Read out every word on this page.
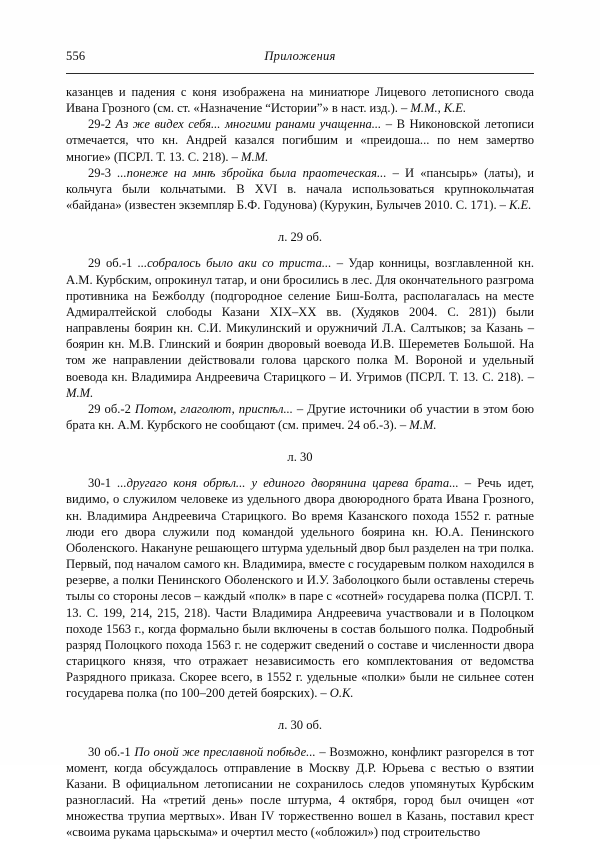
556	Приложения

казанцев и падения с коня изображена на миниатюре Лицевого летописного свода Ивана Грозного (см. ст. «Назначение “Истории”» в наст. изд.). – М.М., К.Е.

29-2 Аз же видех себя... многими ранами учащенна... – В Никоновской летописи отмечается, что кн. Андрей казался погибшим и «преидоша... по нем замертво многие» (ПСРЛ. Т. 13. С. 218). – М.М.

29-3 ...понеже на мнѣ збройка была праотеческая... – И «пансырь» (латы), и кольчуга были кольчатыми. В XVI в. начала использоваться крупнокольчатая «байдана» (известен экземпляр Б.Ф. Годунова) (Курукин, Булычев 2010. С. 171). – К.Е.

л. 29 об.

29 об.-1 ...собралось было аки со триста... – Удар конницы, возглавленной кн. А.М. Курбским, опрокинул татар, и они бросились в лес. Для окончательного разгрома противника на Бежболду (подгородное селение Биш-Болта, располагалась на месте Адмиралтейской слободы Казани XIX–XX вв. (Худяков 2004. С. 281)) были направлены боярин кн. С.И. Микулинский и оружничий Л.А. Салтыков; за Казань – боярин кн. М.В. Глинский и боярин дворовый воевода И.В. Шереметев Большой. На том же направлении действовали голова царского полка М. Вороной и удельный воевода кн. Владимира Андреевича Старицкого – И. Угримов (ПСРЛ. Т. 13. С. 218). – М.М.

29 об.-2 Потом, глаголют, приспѣл... – Другие источники об участии в этом бою брата кн. А.М. Курбского не сообщают (см. примеч. 24 об.-3). – М.М.

л. 30

30-1 ...другаго коня обрѣл... у единого дворянина царева брата... – Речь идет, видимо, о служилом человеке из удельного двора двоюродного брата Ивана Грозного, кн. Владимира Андреевича Старицкого. Во время Казанского похода 1552 г. ратные люди его двора служили под командой удельного боярина кн. Ю.А. Пенинского Оболенского. Накануне решающего штурма удельный двор был разделен на три полка. Первый, под началом самого кн. Владимира, вместе с государевым полком находился в резерве, а полки Пенинского Оболенского и И.У. Заболоцкого были оставлены стеречь тылы со стороны лесов – каждый «полк» в паре с «сотней» государева полка (ПСРЛ. Т. 13. С. 199, 214, 215, 218). Части Владимира Андреевича участвовали и в Полоцком походе 1563 г., когда формально были включены в состав большого полка. Подробный разряд Полоцкого похода 1563 г. не содержит сведений о составе и численности двора старицкого князя, что отражает независимость его комплектования от ведомства Разрядного приказа. Скорее всего, в 1552 г. удельные «полки» были не сильнее сотен государева полка (по 100–200 детей боярских). – О.К.

л. 30 об.

30 об.-1 По оной же преславной побѣде... – Возможно, конфликт разгорелся в тот момент, когда обсуждалось отправление в Москву Д.Р. Юрьева с вестью о взятии Казани. В официальном летописании не сохранилось следов упомянутых Курбским разногласий. На «третий день» после штурма, 4 октября, город был очищен «от множества трупиа мертвых». Иван IV торжественно вошел в Казань, поставил крест «своима рукама царьскыма» и очертил место («обложил») под строительство
